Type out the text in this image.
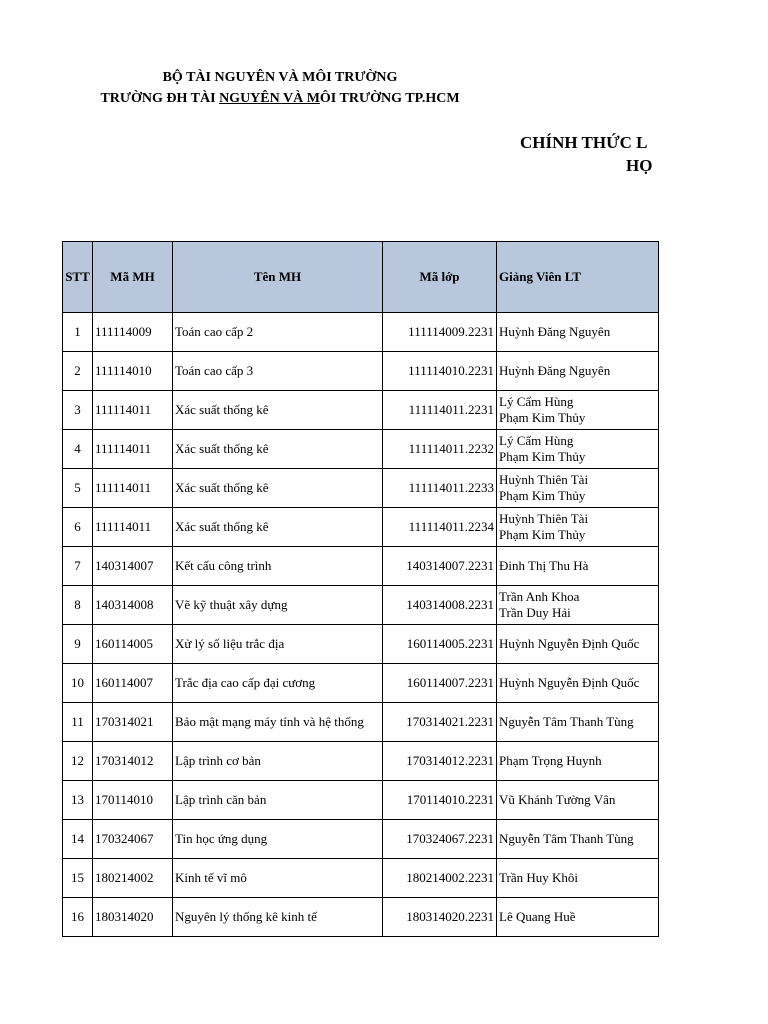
BỘ TÀI NGUYÊN VÀ MÔI TRƯỜNG
TRƯỜNG ĐH TÀI NGUYÊN VÀ MÔI TRƯỜNG TP.HCM
CHÍNH THỨC L
HỌ
STT	Mã MH	Tên MH	Mã lớp	Giảng Viên LT
1	111114009	Toán cao cấp 2	111114009.2231	Huỳnh Đăng Nguyên

2	111114010	Toán cao cấp 3	111114010.2231	Huỳnh Đăng Nguyên

3	111114011	Xác suất thống kê	111114011.2231	Lý Cẩm Hùng
Phạm Kim Thủy

4	111114011	Xác suất thống kê	111114011.2232	Lý Cẩm Hùng
Phạm Kim Thủy

5	111114011	Xác suất thống kê	111114011.2233	Huỳnh Thiên Tài
Phạm Kim Thủy

6	111114011	Xác suất thống kê	111114011.2234	Huỳnh Thiên Tài
Phạm Kim Thủy

7	140314007	Kết cấu công trình	140314007.2231	Đinh Thị Thu Hà

8	140314008	Vẽ kỹ thuật xây dựng	140314008.2231	Trần Anh Khoa
Trần Duy Hải

9	160114005	Xử lý số liệu trắc địa	160114005.2231	Huỳnh Nguyễn Định Quốc

10	160114007	Trắc địa cao cấp đại cương	160114007.2231	Huỳnh Nguyễn Định Quốc

11	170314021	Bảo mật mạng máy tính và hệ thống	170314021.2231	Nguyễn Tâm Thanh Tùng

12	170314012	Lập trình cơ bản	170314012.2231	Phạm Trọng Huynh

13	170114010	Lập trình căn bản	170114010.2231	Vũ Khánh Tường Vân

14	170324067	Tin học ứng dụng	170324067.2231	Nguyễn Tâm Thanh Tùng

15	180214002	Kinh tế vĩ mô	180214002.2231	Trần Huy Khôi

16	180314020	Nguyên lý thống kê kinh tế	180314020.2231	Lê Quang Huề
